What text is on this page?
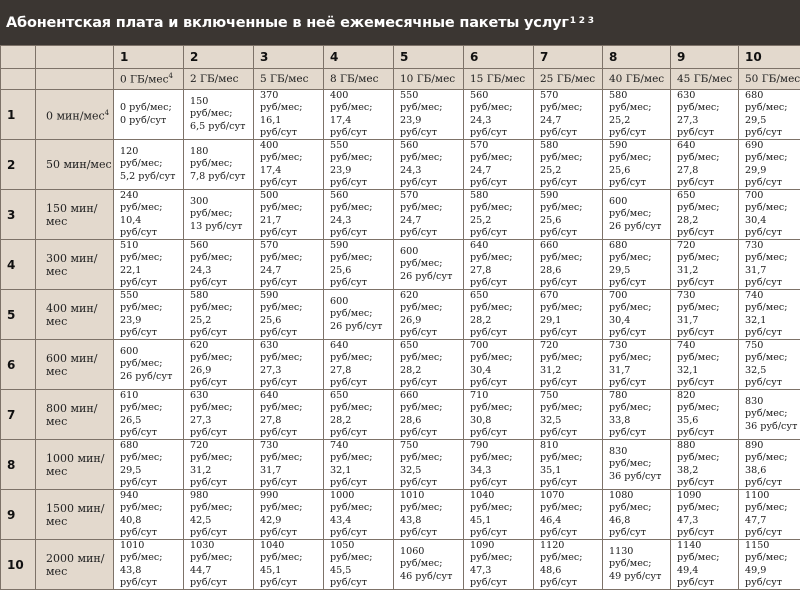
Абонентская плата и включенные в неё ежемесячные пакеты услуг$^{1 2 3}$
		1	2	3	4	5	6	7	8	9	10
		0 ГБ/мес$^4$	2 ГБ/мес	5 ГБ/мес	8 ГБ/мес	10 ГБ/мес	15 ГБ/мес	25 ГБ/мес	40 ГБ/мес	45 ГБ/мес	50 ГБ/мес
1	0 мин/мес$^4$	0 руб/мес;
0 руб/сут	150
руб/мес;
6,5 руб/сут	370
руб/мес;
16,1
руб/сут	400
руб/мес;
17,4
руб/сут	550
руб/мес;
23,9
руб/сут	560
руб/мес;
24,3
руб/сут	570
руб/мес;
24,7
руб/сут	580
руб/мес;
25,2
руб/сут	630
руб/мес;
27,3
руб/сут	680
руб/мес;
29,5
руб/сут
2	50 мин/мес	120
руб/мес;
5,2 руб/сут	180
руб/мес;
7,8 руб/сут	400
руб/мес;
17,4
руб/сут	550
руб/мес;
23,9
руб/сут	560
руб/мес;
24,3
руб/сут	570
руб/мес;
24,7
руб/сут	580
руб/мес;
25,2
руб/сут	590
руб/мес;
25,6
руб/сут	640
руб/мес;
27,8
руб/сут	690
руб/мес;
29,9
руб/сут
3	150 мин/мес	240
руб/мес;
10,4
руб/сут	300
руб/мес;
13 руб/сут	500
руб/мес;
21,7
руб/сут	560
руб/мес;
24,3
руб/сут	570
руб/мес;
24,7
руб/сут	580
руб/мес;
25,2
руб/сут	590
руб/мес;
25,6
руб/сут	600
руб/мес;
26 руб/сут	650
руб/мес;
28,2
руб/сут	700
руб/мес;
30,4
руб/сут
4	300 мин/мес	510
руб/мес;
22,1
руб/сут	560
руб/мес;
24,3
руб/сут	570
руб/мес;
24,7
руб/сут	590
руб/мес;
25,6
руб/сут	600
руб/мес;
26 руб/сут	640
руб/мес;
27,8
руб/сут	660
руб/мес;
28,6
руб/сут	680
руб/мес;
29,5
руб/сут	720
руб/мес;
31,2
руб/сут	730
руб/мес;
31,7
руб/сут
5	400 мин/мес	550
руб/мес;
23,9
руб/сут	580
руб/мес;
25,2
руб/сут	590
руб/мес;
25,6
руб/сут	600
руб/мес;
26 руб/сут	620
руб/мес;
26,9
руб/сут	650
руб/мес;
28,2
руб/сут	670
руб/мес;
29,1
руб/сут	700
руб/мес;
30,4
руб/сут	730
руб/мес;
31,7
руб/сут	740
руб/мес;
32,1
руб/сут
6	600 мин/мес	600
руб/мес;
26 руб/сут	620
руб/мес;
26,9
руб/сут	630
руб/мес;
27,3
руб/сут	640
руб/мес;
27,8
руб/сут	650
руб/мес;
28,2
руб/сут	700
руб/мес;
30,4
руб/сут	720
руб/мес;
31,2
руб/сут	730
руб/мес;
31,7
руб/сут	740
руб/мес;
32,1
руб/сут	750
руб/мес;
32,5
руб/сут
7	800 мин/мес	610
руб/мес;
26,5
руб/сут	630
руб/мес;
27,3
руб/сут	640
руб/мес;
27,8
руб/сут	650
руб/мес;
28,2
руб/сут	660
руб/мес;
28,6
руб/сут	710
руб/мес;
30,8
руб/сут	750
руб/мес;
32,5
руб/сут	780
руб/мес;
33,8
руб/сут	820
руб/мес;
35,6
руб/сут	830
руб/мес;
36 руб/сут
8	1000 мин/мес	680
руб/мес;
29,5
руб/сут	720
руб/мес;
31,2
руб/сут	730
руб/мес;
31,7
руб/сут	740
руб/мес;
32,1
руб/сут	750
руб/мес;
32,5
руб/сут	790
руб/мес;
34,3
руб/сут	810
руб/мес;
35,1
руб/сут	830
руб/мес;
36 руб/сут	880
руб/мес;
38,2
руб/сут	890
руб/мес;
38,6
руб/сут
9	1500 мин/мес	940
руб/мес;
40,8
руб/сут	980
руб/мес;
42,5
руб/сут	990
руб/мес;
42,9
руб/сут	1000
руб/мес;
43,4
руб/сут	1010
руб/мес;
43,8
руб/сут	1040
руб/мес;
45,1
руб/сут	1070
руб/мес;
46,4
руб/сут	1080
руб/мес;
46,8
руб/сут	1090
руб/мес;
47,3
руб/сут	1100
руб/мес;
47,7
руб/сут
10	2000 мин/мес	1010
руб/мес;
43,8
руб/сут	1030
руб/мес;
44,7
руб/сут	1040
руб/мес;
45,1
руб/сут	1050
руб/мес;
45,5
руб/сут	1060
руб/мес;
46 руб/сут	1090
руб/мес;
47,3
руб/сут	1120
руб/мес;
48,6
руб/сут	1130
руб/мес;
49 руб/сут	1140
руб/мес;
49,4
руб/сут	1150
руб/мес;
49,9
руб/сут
